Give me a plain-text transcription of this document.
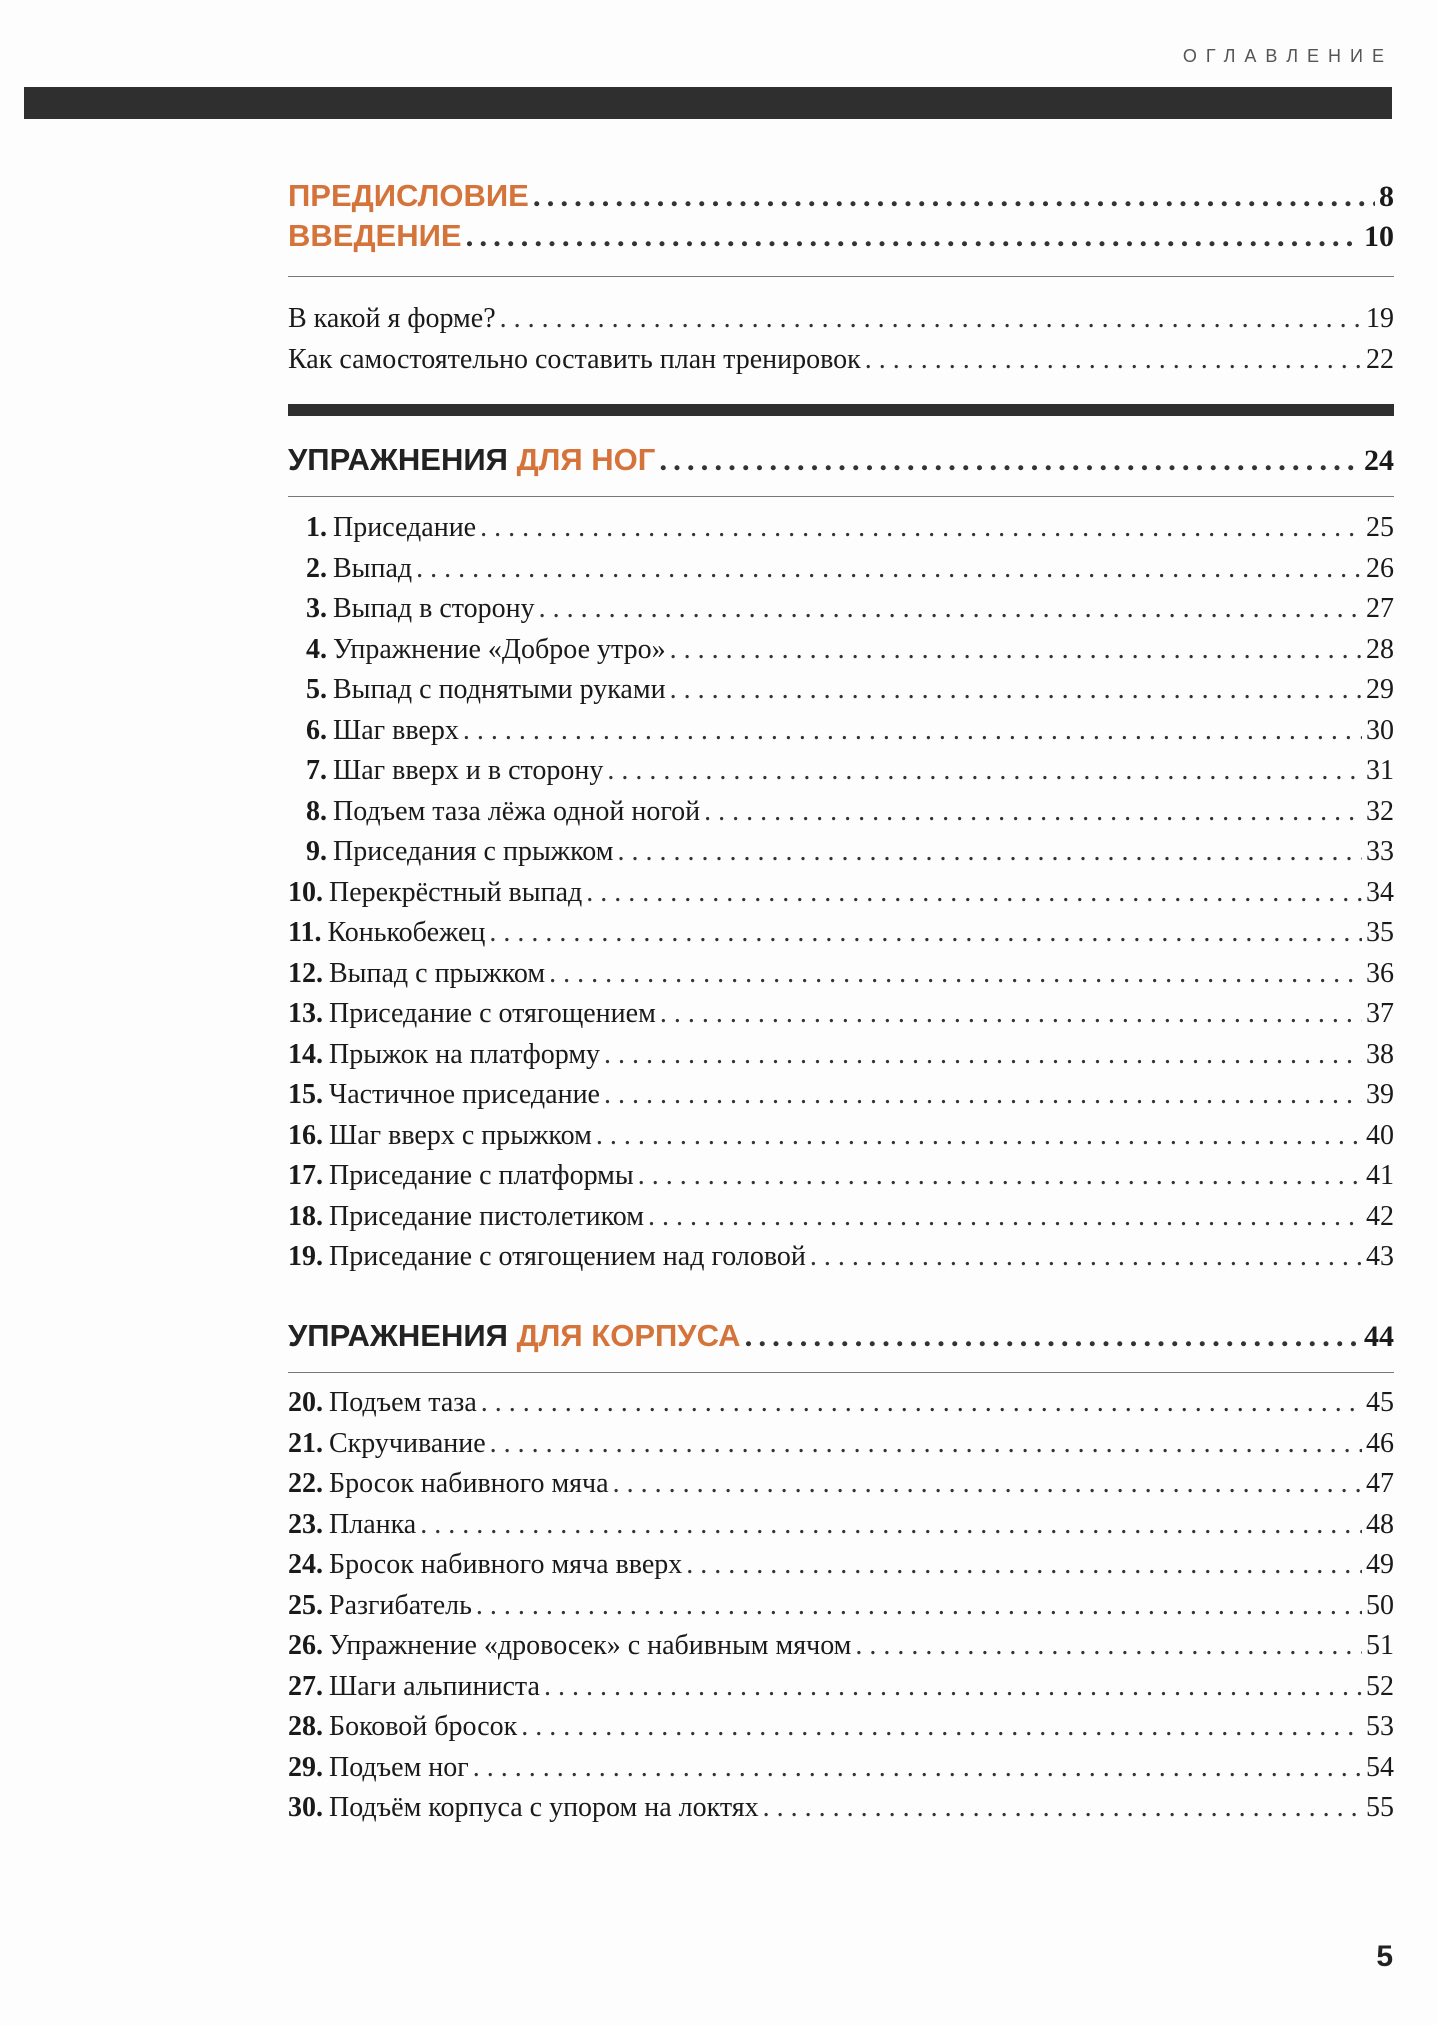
ОГЛАВЛЕНИЕ
ПРЕДИСЛОВИЕ .....	8
ВВЕДЕНИЕ .....	10
В какой я форме? . . .	19
Как самостоятельно составить план тренировок . . .	22
УПРАЖНЕНИЯ ДЛЯ НОГ .....	24
1. Приседание . . .	25
2. Выпад . . .	26
3. Выпад в сторону . . .	27
4. Упражнение «Доброе утро» . . .	28
5. Выпад с поднятыми руками . . .	29
6. Шаг вверх . . .	30
7. Шаг вверх и в сторону . . .	31
8. Подъем таза лёжа одной ногой . . .	32
9. Приседания с прыжком . . .	33
10. Перекрёстный выпад . . .	34
11. Конькобежец . . .	35
12. Выпад с прыжком . . .	36
13. Приседание с отягощением . . .	37
14. Прыжок на платформу . . .	38
15. Частичное приседание . . .	39
16. Шаг вверх с прыжком . . .	40
17. Приседание с платформы . . .	41
18. Приседание пистолетиком . . .	42
19. Приседание с отягощением над головой . . .	43
УПРАЖНЕНИЯ ДЛЯ КОРПУСА .....	44
20. Подъем таза . . .	45
21. Скручивание . . .	46
22. Бросок набивного мяча . . .	47
23. Планка . . .	48
24. Бросок набивного мяча вверх . . .	49
25. Разгибатель . . .	50
26. Упражнение «дровосек» с набивным мячом . . .	51
27. Шаги альпиниста . . .	52
28. Боковой бросок . . .	53
29. Подъем ног . . .	54
30. Подъём корпуса с упором на локтях . . .	55
5
